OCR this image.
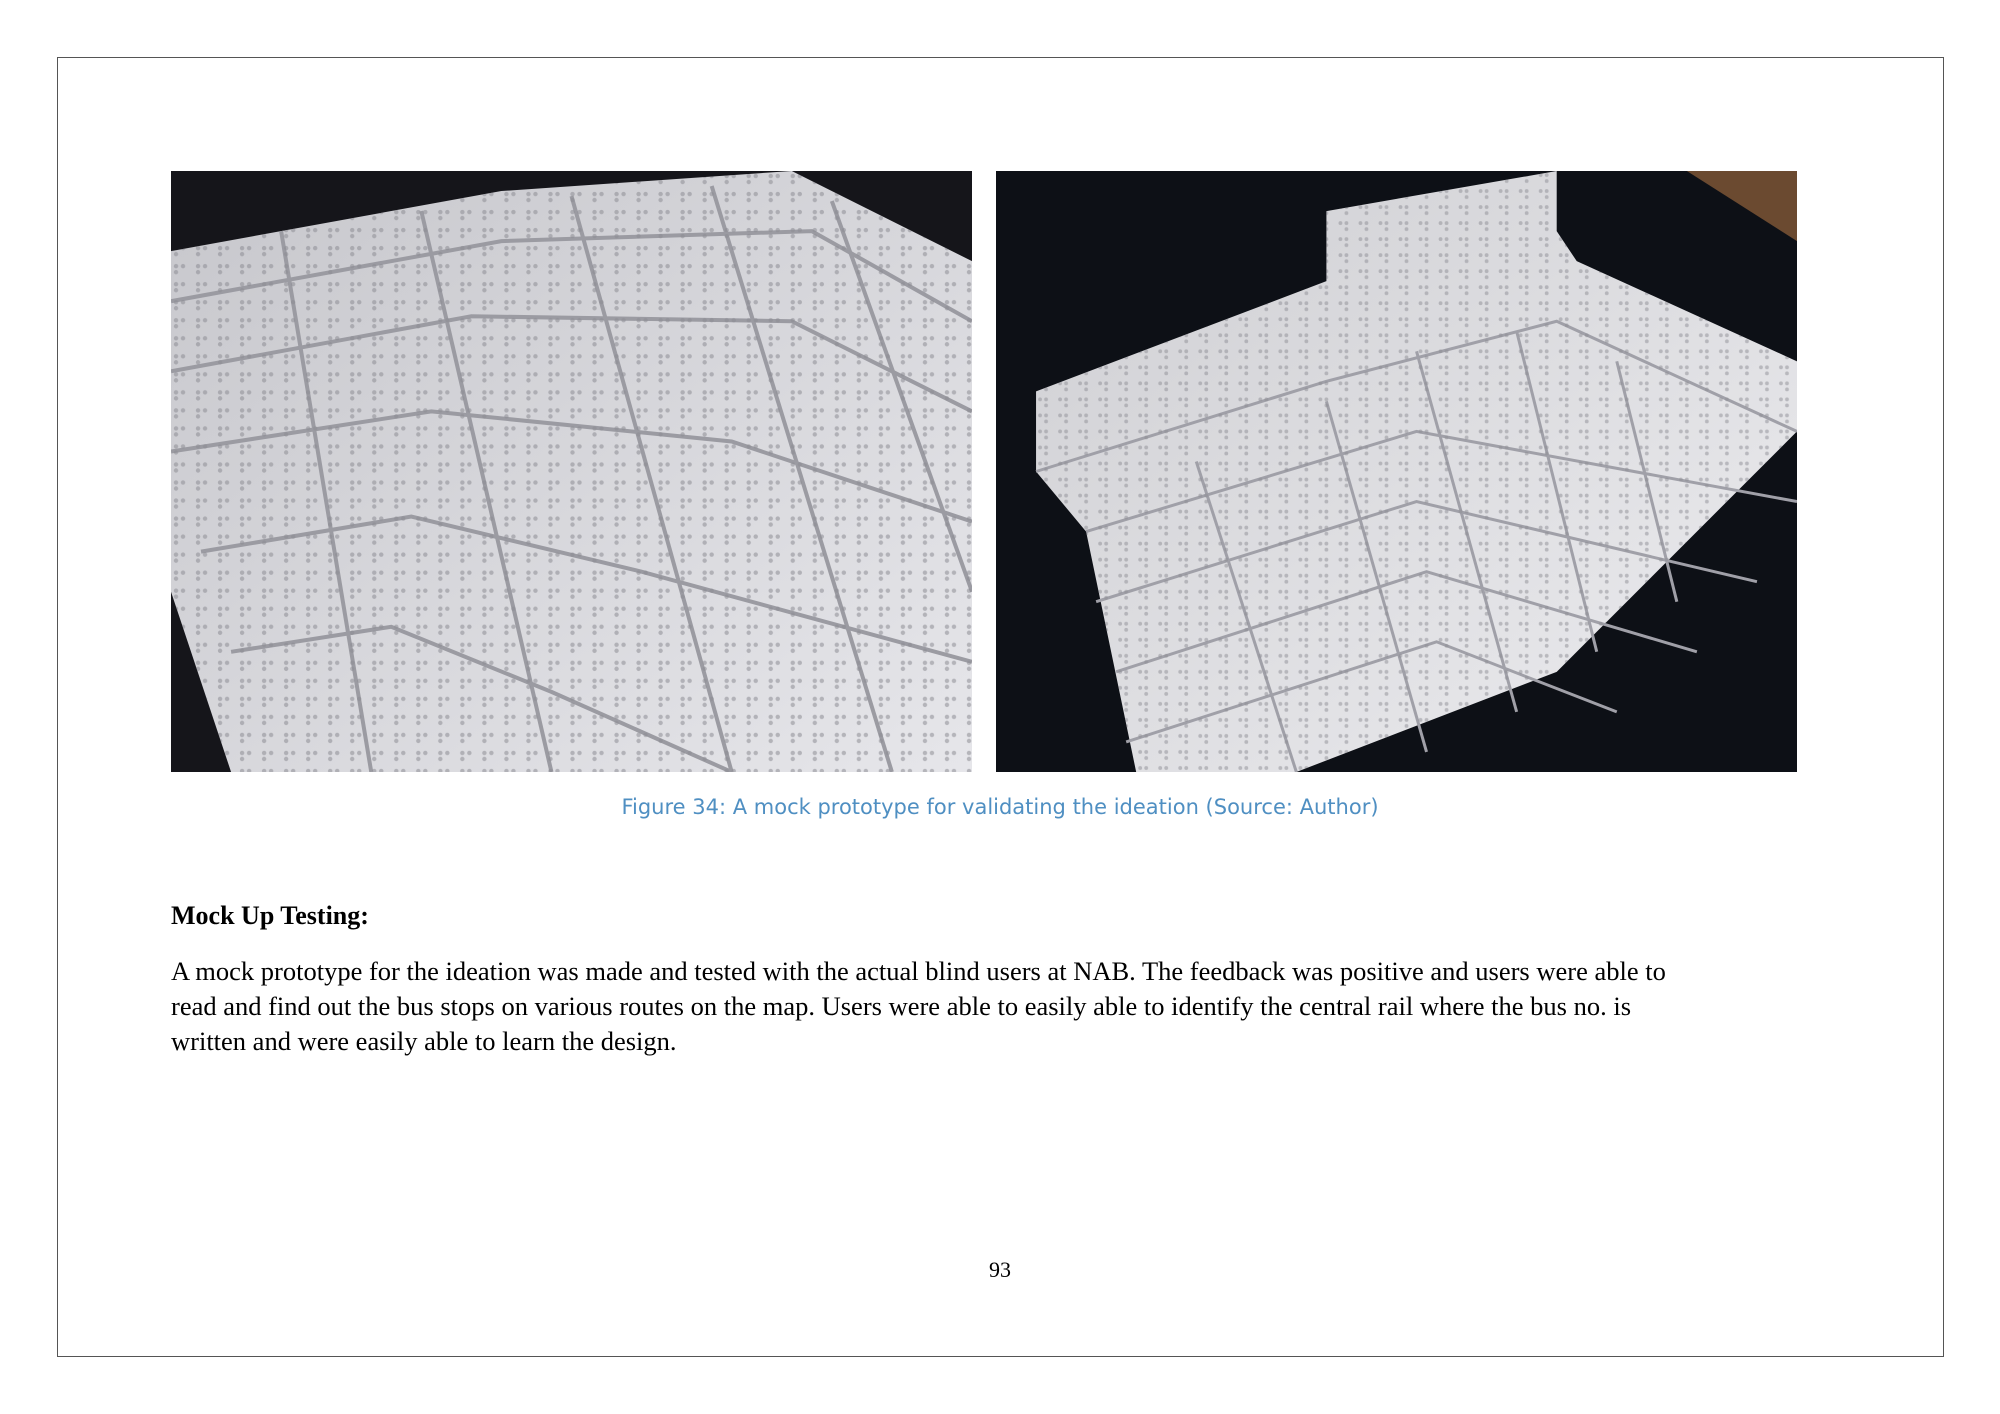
Figure 34: A mock prototype for validating the ideation (Source: Author)
Mock Up Testing:
A mock prototype for the ideation was made and tested with the actual blind users at NAB. The feedback was positive and users were able to
read and find out the bus stops on various routes on the map. Users were able to easily able to identify the central rail where the bus no. is
written and were easily able to learn the design.
93
